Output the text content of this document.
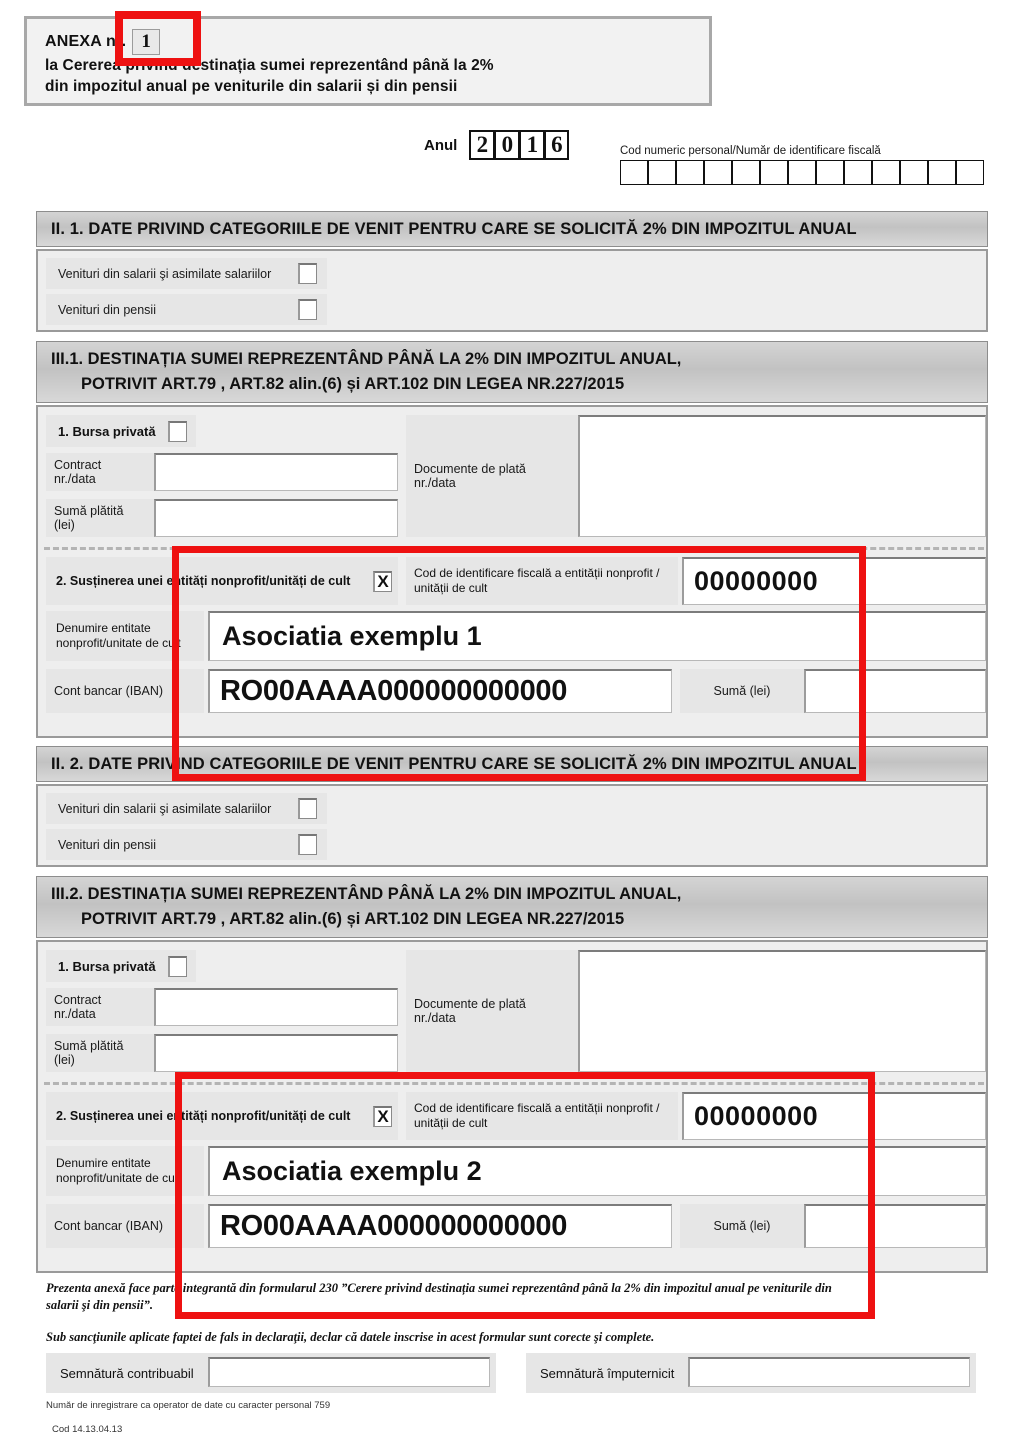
ANEXA nr. 1
la Cererea privind destinația sumei reprezentând până la 2%
din impozitul anual pe veniturile din salarii și din pensii
Anul 2 0 1 6	Cod numeric personal/Număr de identificare fiscală
II. 1. DATE PRIVIND CATEGORIILE DE VENIT PENTRU CARE SE SOLICITĂ 2% DIN IMPOZITUL ANUAL
Venituri din salarii şi asimilate salariilor
Venituri din pensii
III.1. DESTINAȚIA SUMEI REPREZENTÂND PÂNĂ LA 2% DIN IMPOZITUL ANUAL,
POTRIVIT ART.79 , ART.82 alin.(6) și ART.102 DIN LEGEA NR.227/2015
1. Bursa privată
Contract nr./data
Sumă plătită (lei)
Documente de plată nr./data
2. Susținerea unei entități nonprofit/unități de cult	X Cod de identificare fiscală a entității nonprofit /
unității de cult	00000000
Denumire entitate
nonprofit/unitate de cult	Asociatia exemplu 1
Cont bancar (IBAN)	RO00AAAA000000000000	Sumă (lei)
II. 2. DATE PRIVIND CATEGORIILE DE VENIT PENTRU CARE SE SOLICITĂ 2% DIN IMPOZITUL ANUAL
Venituri din salarii şi asimilate salariilor
Venituri din pensii
III.2. DESTINAȚIA SUMEI REPREZENTÂND PÂNĂ LA 2% DIN IMPOZITUL ANUAL,
POTRIVIT ART.79 , ART.82 alin.(6) și ART.102 DIN LEGEA NR.227/2015
1. Bursa privată
Contract nr./data
Sumă plătită (lei)
Documente de plată nr./data
2. Susținerea unei entități nonprofit/unități de cult	X Cod de identificare fiscală a entității nonprofit /
unității de cult	00000000
Denumire entitate
nonprofit/unitate de cult	Asociatia exemplu 2
Cont bancar (IBAN)	RO00AAAA000000000000	Sumă (lei)
Prezenta anexă face parte integrantă din formularul 230 ”Cerere privind destinația sumei reprezentând până la 2% din impozitul anual pe veniturile din
salarii şi din pensii”.
Sub sancţiunile aplicate faptei de fals in declaraţii, declar că datele inscrise in acest formular sunt corecte şi complete.
Semnătură contribuabil	Semnătură împuternicit
Număr de inregistrare ca operator de date cu caracter personal 759
Cod 14.13.04.13
